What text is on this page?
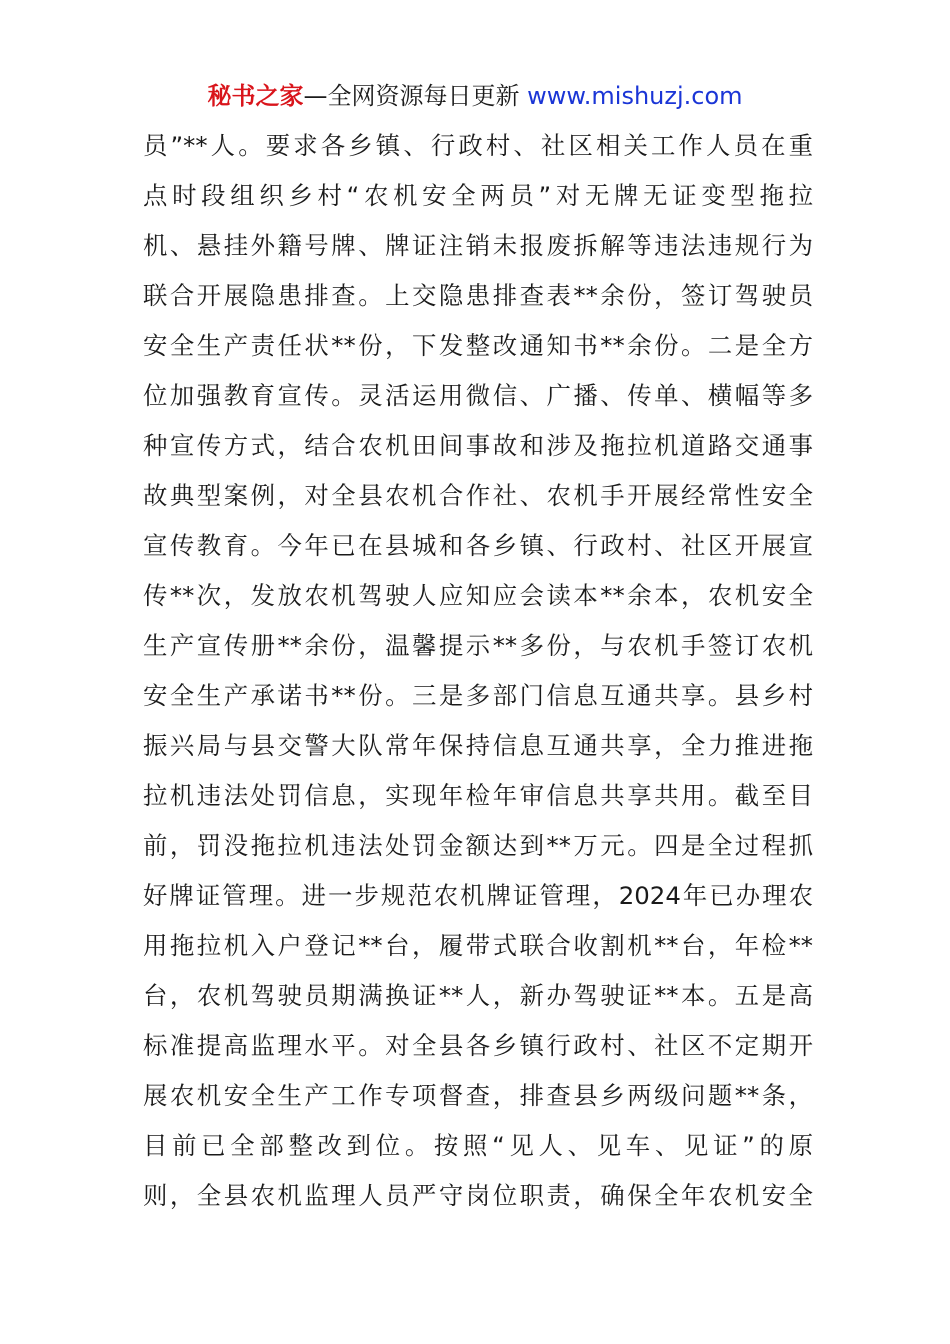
秘书之家—全网资源每日更新 www.mishuzj.com
员”**人。要求各乡镇、行政村、社区相关工作人员在重
点时段组织乡村“农机安全两员”对无牌无证变型拖拉
机、悬挂外籍号牌、牌证注销未报废拆解等违法违规行为
联合开展隐患排查。上交隐患排查表**余份，签订驾驶员
安全生产责任状**份，下发整改通知书**余份。二是全方
位加强教育宣传。灵活运用微信、广播、传单、横幅等多
种宣传方式，结合农机田间事故和涉及拖拉机道路交通事
故典型案例，对全县农机合作社、农机手开展经常性安全
宣传教育。今年已在县城和各乡镇、行政村、社区开展宣
传**次，发放农机驾驶人应知应会读本**余本，农机安全
生产宣传册**余份，温馨提示**多份，与农机手签订农机
安全生产承诺书**份。三是多部门信息互通共享。县乡村
振兴局与县交警大队常年保持信息互通共享，全力推进拖
拉机违法处罚信息，实现年检年审信息共享共用。截至目
前，罚没拖拉机违法处罚金额达到**万元。四是全过程抓
好牌证管理。进一步规范农机牌证管理，2024年已办理农
用拖拉机入户登记**台，履带式联合收割机**台，年检**
台，农机驾驶员期满换证**人，新办驾驶证**本。五是高
标准提高监理水平。对全县各乡镇行政村、社区不定期开
展农机安全生产工作专项督查，排查县乡两级问题**条，
目前已全部整改到位。按照“见人、见车、见证”的原
则，全县农机监理人员严守岗位职责，确保全年农机安全
